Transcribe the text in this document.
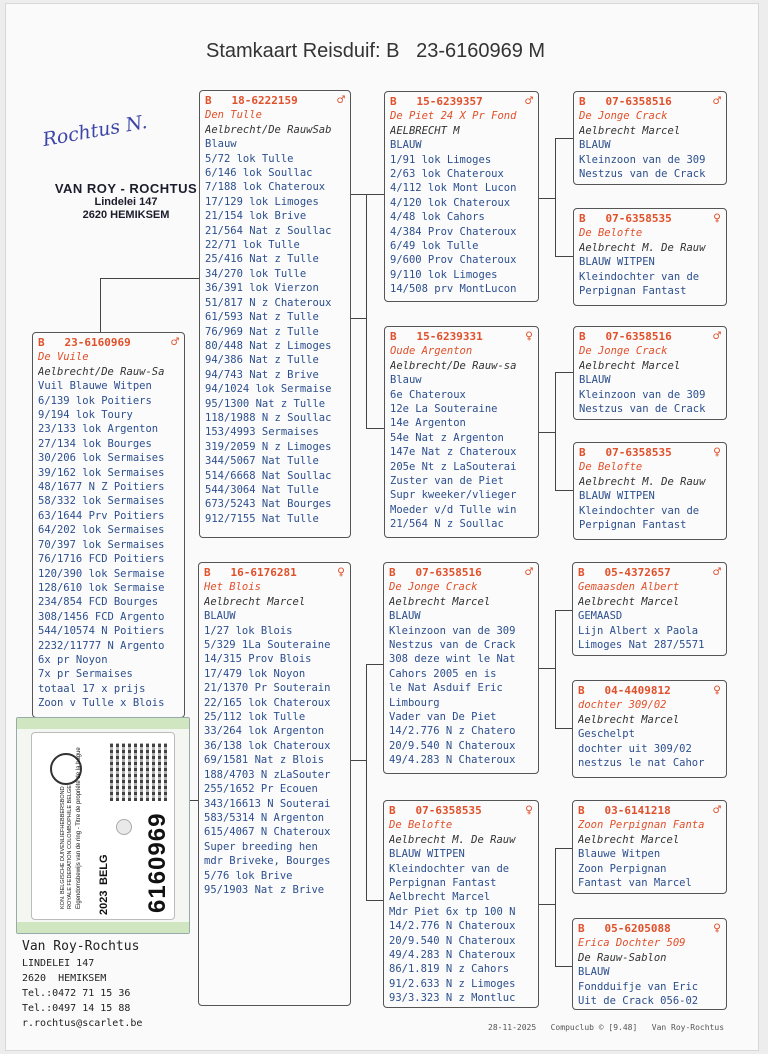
Stamkaart Reisduif: B   23-6160969 M
Rochtus N.
VAN ROY - ROCHTUS
Lindelei 147
2620 HEMIKSEM
B   23-6160969	♂
De Vuile
Aelbrecht/De Rauw-Sa
Vuil Blauwe Witpen
6/139 lok Poitiers
9/194 lok Toury
23/133 lok Argenton
27/134 lok Bourges
30/206 lok Sermaises
39/162 lok Sermaises
48/1677 N Z Poitiers
58/332 lok Sermaises
63/1644 Prv Poitiers
64/202 lok Sermaises
70/397 lok Sermaises
76/1716 FCD Poitiers
120/390 lok Sermaise
128/610 lok Sermaise
234/854 FCD Bourges
308/1456 FCD Argento
544/10574 N Poitiers
2232/11777 N Argento
6x pr Noyon
7x pr Sermaises
totaal 17 x prijs
Zoon v Tulle x Blois
B   18-6222159	♂
Den Tulle
Aelbrecht/De RauwSab
Blauw
5/72 lok Tulle
6/146 lok Soullac
7/188 lok Chateroux
17/129 lok Limoges
21/154 lok Brive
21/564 Nat z Soullac
22/71 lok Tulle
25/416 Nat z Tulle
34/270 lok Tulle
36/391 lok Vierzon
51/817 N z Chateroux
61/593 Nat z Tulle
76/969 Nat z Tulle
80/448 Nat z Limoges
94/386 Nat z Tulle
94/743 Nat z Brive
94/1024 lok Sermaise
95/1300 Nat z Tulle
118/1988 N z Soullac
153/4993 Sermaises
319/2059 N z Limoges
344/5067 Nat Tulle
514/6668 Nat Soullac
544/3064 Nat Tulle
673/5243 Nat Bourges
912/7155 Nat Tulle
B   16-6176281	♀
Het Blois
Aelbrecht Marcel
BLAUW
1/27 lok Blois
5/329 1La Souteraine
14/315 Prov Blois
17/479 lok Noyon
21/1370 Pr Souterain
22/165 lok Chateroux
25/112 lok Tulle
33/264 lok Argenton
36/138 lok Chateroux
69/1581 Nat z Blois
188/4703 N zLaSouter
255/1652 Pr Ecouen
343/16613 N Souterai
583/5314 N Argenton
615/4067 N Chateroux
Super breeding hen
mdr Briveke, Bourges
5/76 lok Brive
95/1903 Nat z Brive
B   15-6239357	♂
De Piet 24 X Pr Fond
AELBRECHT M
BLAUW
1/91 lok Limoges
2/63 lok Chateroux
4/112 lok Mont Lucon
4/120 lok Chateroux
4/48 lok Cahors
4/384 Prov Chateroux
6/49 lok Tulle
9/600 Prov Chateroux
9/110 lok Limoges
14/508 prv MontLucon
B   15-6239331	♀
Oude Argenton
Aelbrecht/De Rauw-sa
Blauw
6e Chateroux
12e La Souteraine
14e Argenton
54e Nat z Argenton
147e Nat z Chateroux
205e Nt z LaSouterai
Zuster van de Piet
Supr kweeker/vlieger
Moeder v/d Tulle win
21/564 N z Soullac
B   07-6358516	♂
De Jonge Crack
Aelbrecht Marcel
BLAUW
Kleinzoon van de 309
Nestzus van de Crack
308 deze wint le Nat
Cahors 2005 en is
le Nat Asduif Eric
Limbourg
Vader van De Piet
14/2.776 N z Chatero
20/9.540 N Chateroux
49/4.283 N Chateroux
B   07-6358535	♀
De Belofte
Aelbrecht M. De Rauw
BLAUW WITPEN
Kleindochter van de
Perpignan Fantast
Aelbrecht Marcel
Mdr Piet 6x tp 100 N
14/2.776 N Chateroux
20/9.540 N Chateroux
49/4.283 N Chateroux
86/1.819 N z Cahors
91/2.633 N z Limoges
93/3.323 N z Montluc
B   07-6358516	♂
De Jonge Crack
Aelbrecht Marcel
BLAUW
Kleinzoon van de 309
Nestzus van de Crack
B   07-6358535	♀
De Belofte
Aelbrecht M. De Rauw
BLAUW WITPEN
Kleindochter van de
Perpignan Fantast
B   07-6358516	♂
De Jonge Crack
Aelbrecht Marcel
BLAUW
Kleinzoon van de 309
Nestzus van de Crack
B   07-6358535	♀
De Belofte
Aelbrecht M. De Rauw
BLAUW WITPEN
Kleindochter van de
Perpignan Fantast
B   05-4372657	♂
Gemaasden Albert
Aelbrecht Marcel
GEMAASD
Lijn Albert x Paola
Limoges Nat 287/5571
B   04-4409812	♀
dochter 309/02
Aelbrecht Marcel
Geschelpt
dochter uit 309/02
nestzus le nat Cahor
B   03-6141218	♂
Zoon Perpignan Fanta
Aelbrecht Marcel
Blauwe Witpen
Zoon Perpignan
Fantast van Marcel
B   05-6205088	♀
Erica Dochter 509
De Rauw-Sablon
BLAUW
Fondduifje van Eric
Uit de Crack 056-02
KON. BELGISCHE DUIVENLIEFHEBBERSBOND ROYALE FEDERATION COLOMBOPHILE BELGE Eigendomsbewijs van de ring - Titre de propriété de la bague 2023
BELG 6160969
Van Roy-Rochtus
LINDELEI 147
2620  HEMIKSEM
Tel.:0472 71 15 36
Tel.:0497 14 15 88
r.rochtus@scarlet.be	28-11-2025   Compuclub © [9.48]   Van Roy-Rochtus
